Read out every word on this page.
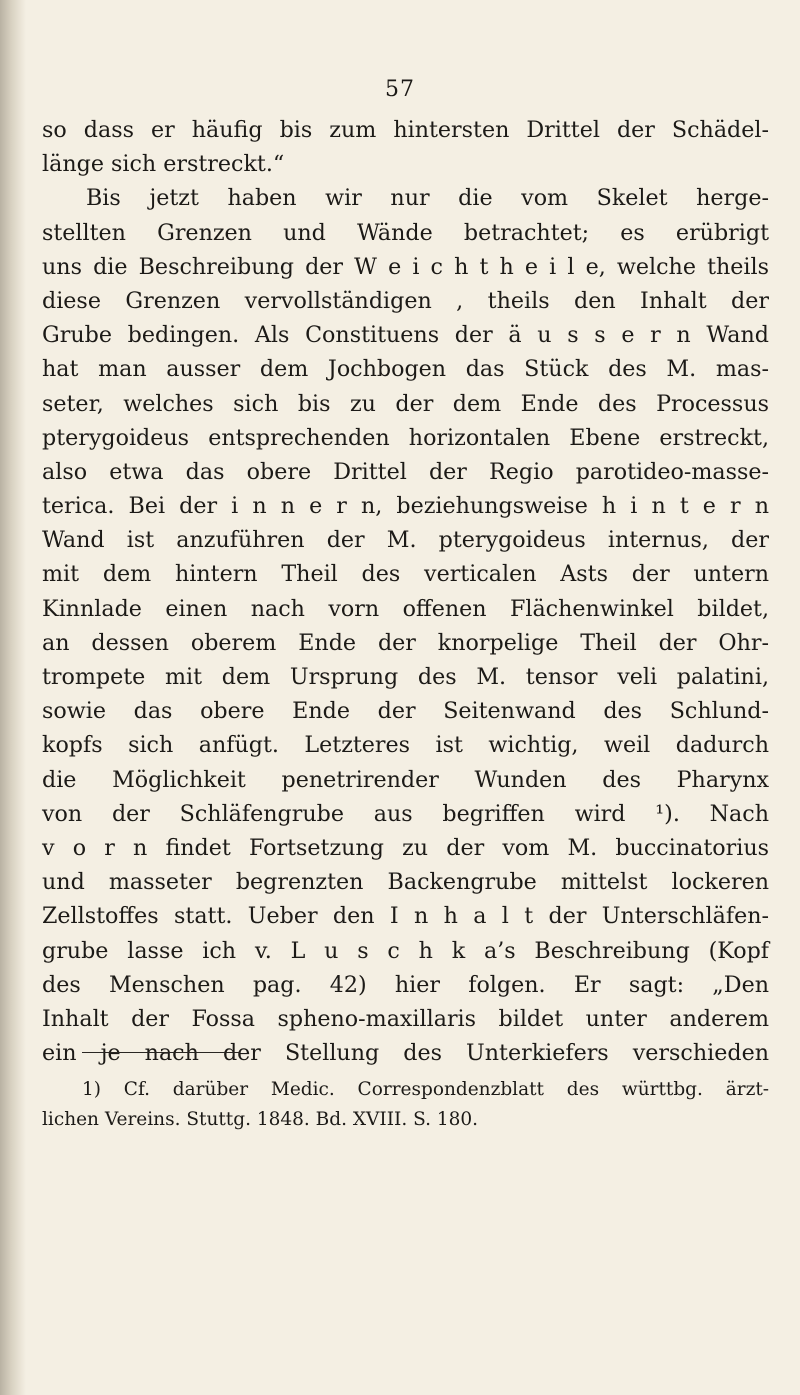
57
so dass er häufig bis zum hintersten Drittel der Schädel-
länge sich erstreckt.“
Bis jetzt haben wir nur die vom Skelet herge-
stellten Grenzen und Wände betrachtet; es erübrigt
uns die Beschreibung der W e i c h t h e i l e, welche theils
diese Grenzen vervollständigen , theils den Inhalt der
Grube bedingen. Als Constituens der ä u s s e r n Wand
hat man ausser dem Jochbogen das Stück des M. mas-
seter, welches sich bis zu der dem Ende des Processus
pterygoideus entsprechenden horizontalen Ebene erstreckt,
also etwa das obere Drittel der Regio parotideo-masse-
terica. Bei der i n n e r n, beziehungsweise h i n t e r n
Wand ist anzuführen der M. pterygoideus internus, der
mit dem hintern Theil des verticalen Asts der untern
Kinnlade einen nach vorn offenen Flächenwinkel bildet,
an dessen oberem Ende der knorpelige Theil der Ohr-
trompete mit dem Ursprung des M. tensor veli palatini,
sowie das obere Ende der Seitenwand des Schlund-
kopfs sich anfügt. Letzteres ist wichtig, weil dadurch
die Möglichkeit penetrirender Wunden des Pharynx
von der Schläfengrube aus begriffen wird ¹). Nach
v o r n findet Fortsetzung zu der vom M. buccinatorius
und masseter begrenzten Backengrube mittelst lockeren
Zellstoffes statt. Ueber den I n h a l t der Unterschläfen-
grube lasse ich v. L u s c h k a’s Beschreibung (Kopf
des Menschen pag. 42) hier folgen. Er sagt: „Den
Inhalt der Fossa spheno-maxillaris bildet unter anderem
ein je nach der Stellung des Unterkiefers verschieden
1) Cf. darüber Medic. Correspondenzblatt des württbg. ärzt-
lichen Vereins. Stuttg. 1848. Bd. XVIII. S. 180.
